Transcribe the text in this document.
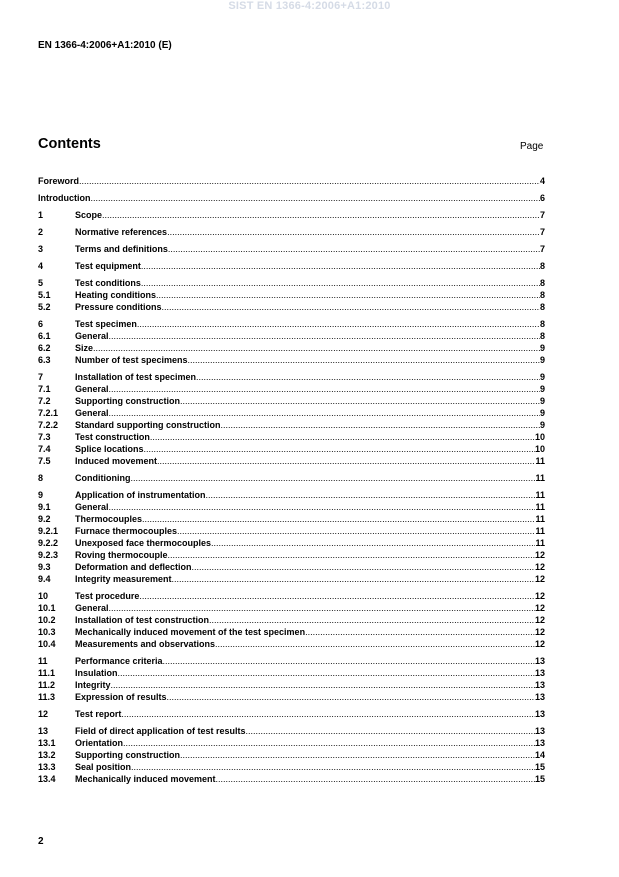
SIST EN 1366-4:2006+A1:2010
EN 1366-4:2006+A1:2010 (E)
Contents	Page
Foreword .....	4
Introduction .....	6
1	Scope .....	7
2	Normative references .....	7
3	Terms and definitions .....	7
4	Test equipment .....	8
5	Test conditions .....	8
5.1	Heating conditions .....	8
5.2	Pressure conditions .....	8
6	Test specimen .....	8
6.1	General .....	8
6.2	Size .....	9
6.3	Number of test specimens .....	9
7	Installation of test specimen .....	9
7.1	General .....	9
7.2	Supporting construction .....	9
7.2.1	General .....	9
7.2.2	Standard supporting construction .....	9
7.3	Test construction .....	10
7.4	Splice locations .....	10
7.5	Induced movement .....	11
8	Conditioning .....	11
9	Application of instrumentation .....	11
9.1	General .....	11
9.2	Thermocouples .....	11
9.2.1	Furnace thermocouples .....	11
9.2.2	Unexposed face thermocouples .....	11
9.2.3	Roving thermocouple .....	12
9.3	Deformation and deflection .....	12
9.4	Integrity measurement .....	12
10	Test procedure .....	12
10.1	General .....	12
10.2	Installation of test construction .....	12
10.3	Mechanically induced movement of the test specimen .....	12
10.4	Measurements and observations .....	12
11	Performance criteria .....	13
11.1	Insulation .....	13
11.2	Integrity .....	13
11.3	Expression of results .....	13
12	Test report .....	13
13	Field of direct application of test results .....	13
13.1	Orientation .....	13
13.2	Supporting construction .....	14
13.3	Seal position .....	15
13.4	Mechanically induced movement .....	15
2
